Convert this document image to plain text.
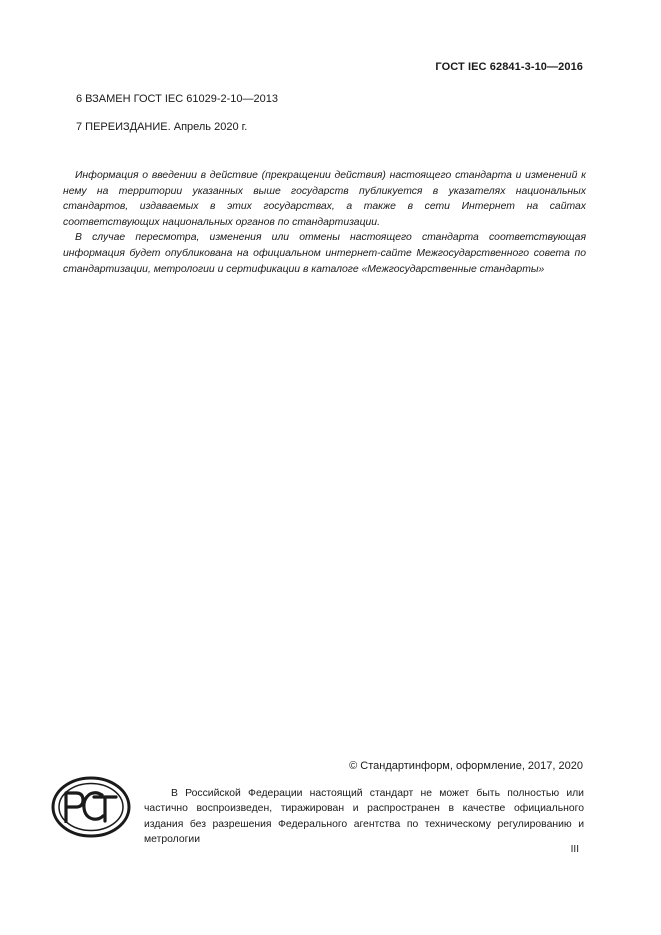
ГОСТ IEC 62841-3-10—2016
6 ВЗАМЕН ГОСТ IEC 61029-2-10—2013
7 ПЕРЕИЗДАНИЕ. Апрель 2020 г.

Информация о введении в действие (прекращении действия) настоящего стандарта и изменений к нему на территории указанных выше государств публикуется в указателях национальных стандартов, издаваемых в этих государствах, а также в сети Интернет на сайтах соответствующих национальных органов по стандартизации.

В случае пересмотра, изменения или отмены настоящего стандарта соответствующая информация будет опубликована на официальном интернет-сайте Межгосударственного совета по стандартизации, метрологии и сертификации в каталоге «Межгосударственные стандарты»

© Стандартинформ, оформление, 2017, 2020

В Российской Федерации настоящий стандарт не может быть полностью или частично воспроизведен, тиражирован и распространен в качестве официального издания без разрешения Федерального агентства по техническому регулированию и метрологии

III
